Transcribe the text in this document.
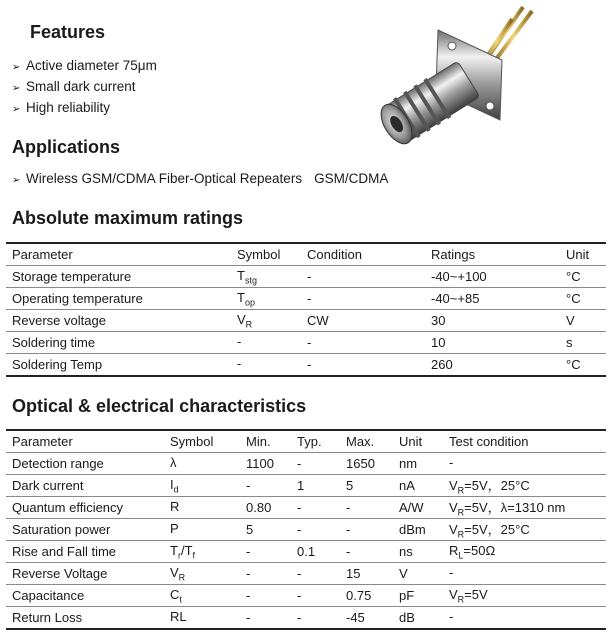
Features
➢ Active diameter 75μm
➢ Small dark current
➢ High reliability
Applications
➢ Wireless GSM/CDMA Fiber-Optical Repeaters GSM/CDMA
Absolute maximum ratings
Parameter	Symbol	Condition	Ratings	Unit
Storage temperature	$T_{stg}$	-	-40~+100	°C
Operating temperature	$T_{op}$	-	-40~+85	°C
Reverse voltage	$V_R$	CW	30	V
Soldering time	-	-	10	s
Soldering Temp	-	-	260	°C
Optical & electrical characteristics
Parameter	Symbol	Min.	Typ.	Max.	Unit	Test condition
Detection range	λ	1100	-	1650	nm	-
Dark current	$I_d$	-	1	5	nA	$V_R=5V$，25°C
Quantum efficiency	R	0.80	-	-	A/W	$V_R=5V$，λ=1310 nm
Saturation power	P	5	-	-	dBm	$V_R=5V$，25°C
Rise and Fall time	$T_r/T_f$	-	0.1	-	ns	$R_L=50\Omega$
Reverse Voltage	$V_R$	-	-	15	V	-
Capacitance	$C_t$	-	-	0.75	pF	$V_R=5V$
Return Loss	RL	-	-	-45	dB	-
